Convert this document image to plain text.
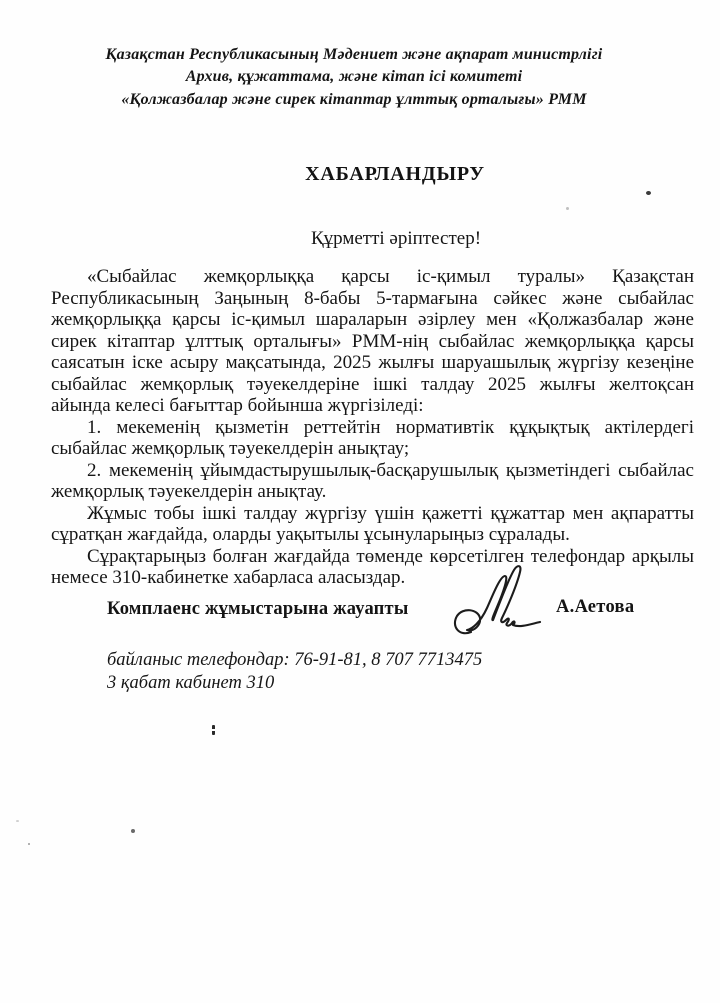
Қазақстан Республикасының Мәдениет және ақпарат министрлігі
Архив, құжаттама, және кітап ісі комитеті
«Қолжазбалар және сирек кітаптар ұлттық орталығы» РММ
ХАБАРЛАНДЫРУ
Құрметті әріптестер!

«Сыбайлас жемқорлыққа қарсы іс-қимыл туралы» Қазақстан Республикасының Заңының 8-бабы 5-тармағына сәйкес және сыбайлас жемқорлыққа қарсы іс-қимыл шараларын әзірлеу мен «Қолжазбалар және сирек кітаптар ұлттық орталығы» РММ-нің сыбайлас жемқорлыққа қарсы саясатын іске асыру мақсатында, 2025 жылғы шаруашылық жүргізу кезеңіне сыбайлас жемқорлық тәуекелдеріне ішкі талдау 2025 жылғы желтоқсан айында келесі бағыттар бойынша жүргізіледі:

1. мекеменің қызметін реттейтін нормативтік құқықтық актілердегі сыбайлас жемқорлық тәуекелдерін анықтау;

2. мекеменің ұйымдастырушылық-басқарушылық қызметіндегі сыбайлас жемқорлық тәуекелдерін анықтау.

Жұмыс тобы ішкі талдау жүргізу үшін қажетті құжаттар мен ақпаратты сұратқан жағдайда, оларды уақытылы ұсынуларыңыз сұралады.

Сұрақтарыңыз болған жағдайда төменде көрсетілген телефондар арқылы немесе 310-кабинетке хабарласа аласыздар.

Комплаенс жұмыстарына жауапты	А.Аетова
байланыс телефондар: 76-91-81, 8 707 7713475
3 қабат кабинет 310
